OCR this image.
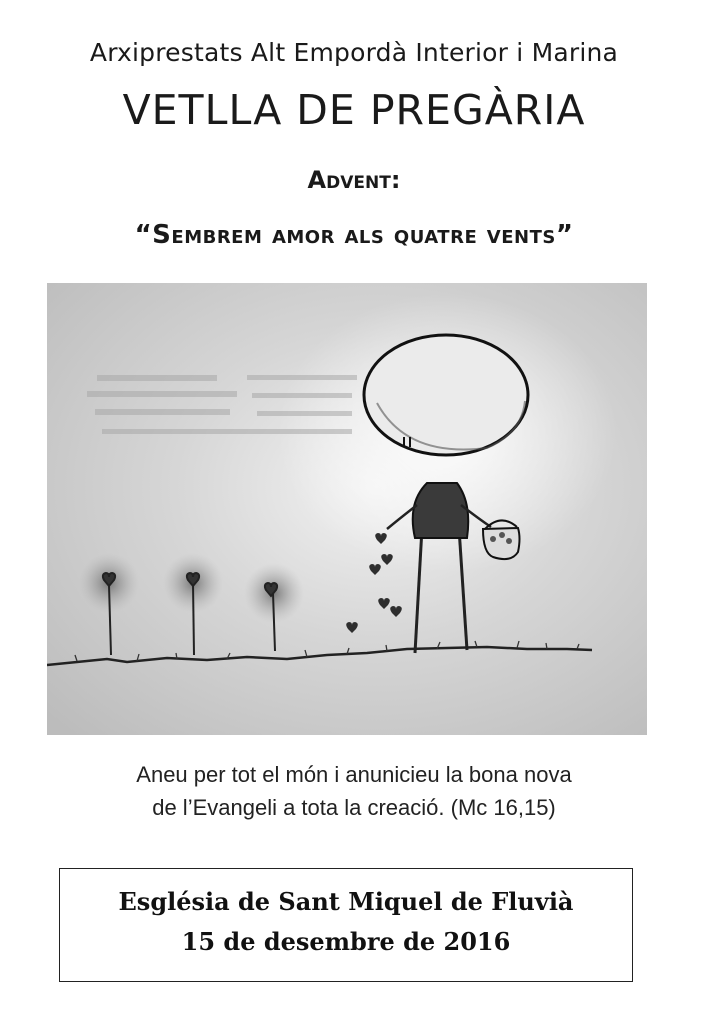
Arxiprestats Alt Empordà Interior i Marina
VETLLA DE PREGÀRIA
Advent:
“Sembrem amor als quatre vents”
Aneu per tot el món i anunicieu la bona nova
de l’Evangeli a tota la creació. (Mc 16,15)
Església de Sant Miquel de Fluvià
15 de desembre de 2016
